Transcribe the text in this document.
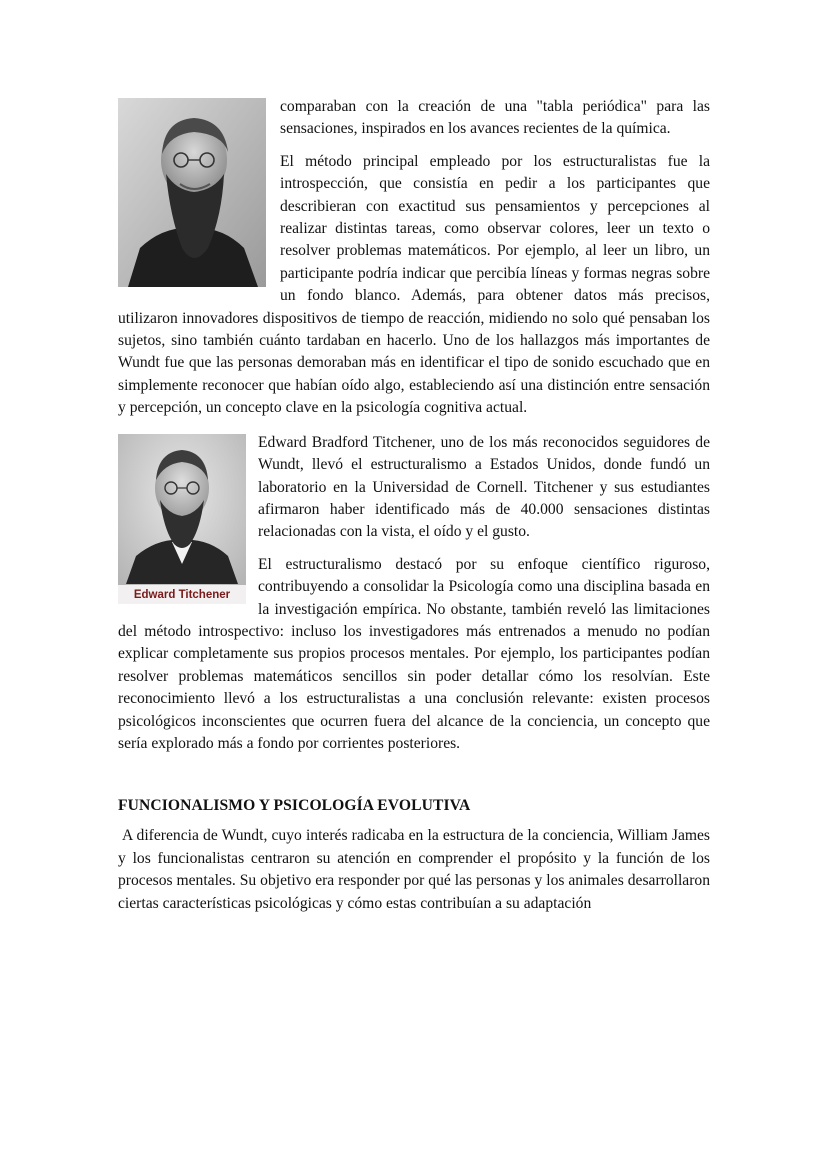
comparaban con la creación de una "tabla periódica" para las sensaciones, inspirados en los avances recientes de la química.

El método principal empleado por los estructuralistas fue la introspección, que consistía en pedir a los participantes que describieran con exactitud sus pensamientos y percepciones al realizar distintas tareas, como observar colores, leer un texto o resolver problemas matemáticos. Por ejemplo, al leer un libro, un participante podría indicar que percibía líneas y formas negras sobre un fondo blanco. Además, para obtener datos más precisos, utilizaron innovadores dispositivos de tiempo de reacción, midiendo no solo qué pensaban los sujetos, sino también cuánto tardaban en hacerlo. Uno de los hallazgos más importantes de Wundt fue que las personas demoraban más en identificar el tipo de sonido escuchado que en simplemente reconocer que habían oído algo, estableciendo así una distinción entre sensación y percepción, un concepto clave en la psicología cognitiva actual.

Edward Titchener

Edward Bradford Titchener, uno de los más reconocidos seguidores de Wundt, llevó el estructuralismo a Estados Unidos, donde fundó un laboratorio en la Universidad de Cornell. Titchener y sus estudiantes afirmaron haber identificado más de 40.000 sensaciones distintas relacionadas con la vista, el oído y el gusto.

El estructuralismo destacó por su enfoque científico riguroso, contribuyendo a consolidar la Psicología como una disciplina basada en la investigación empírica. No obstante, también reveló las limitaciones del método introspectivo: incluso los investigadores más entrenados a menudo no podían explicar completamente sus propios procesos mentales. Por ejemplo, los participantes podían resolver problemas matemáticos sencillos sin poder detallar cómo los resolvían. Este reconocimiento llevó a los estructuralistas a una conclusión relevante: existen procesos psicológicos inconscientes que ocurren fuera del alcance de la conciencia, un concepto que sería explorado más a fondo por corrientes posteriores.

FUNCIONALISMO Y PSICOLOGÍA EVOLUTIVA

A diferencia de Wundt, cuyo interés radicaba en la estructura de la conciencia, William James y los funcionalistas centraron su atención en comprender el propósito y la función de los procesos mentales. Su objetivo era responder por qué las personas y los animales desarrollaron ciertas características psicológicas y cómo estas contribuían a su adaptación
